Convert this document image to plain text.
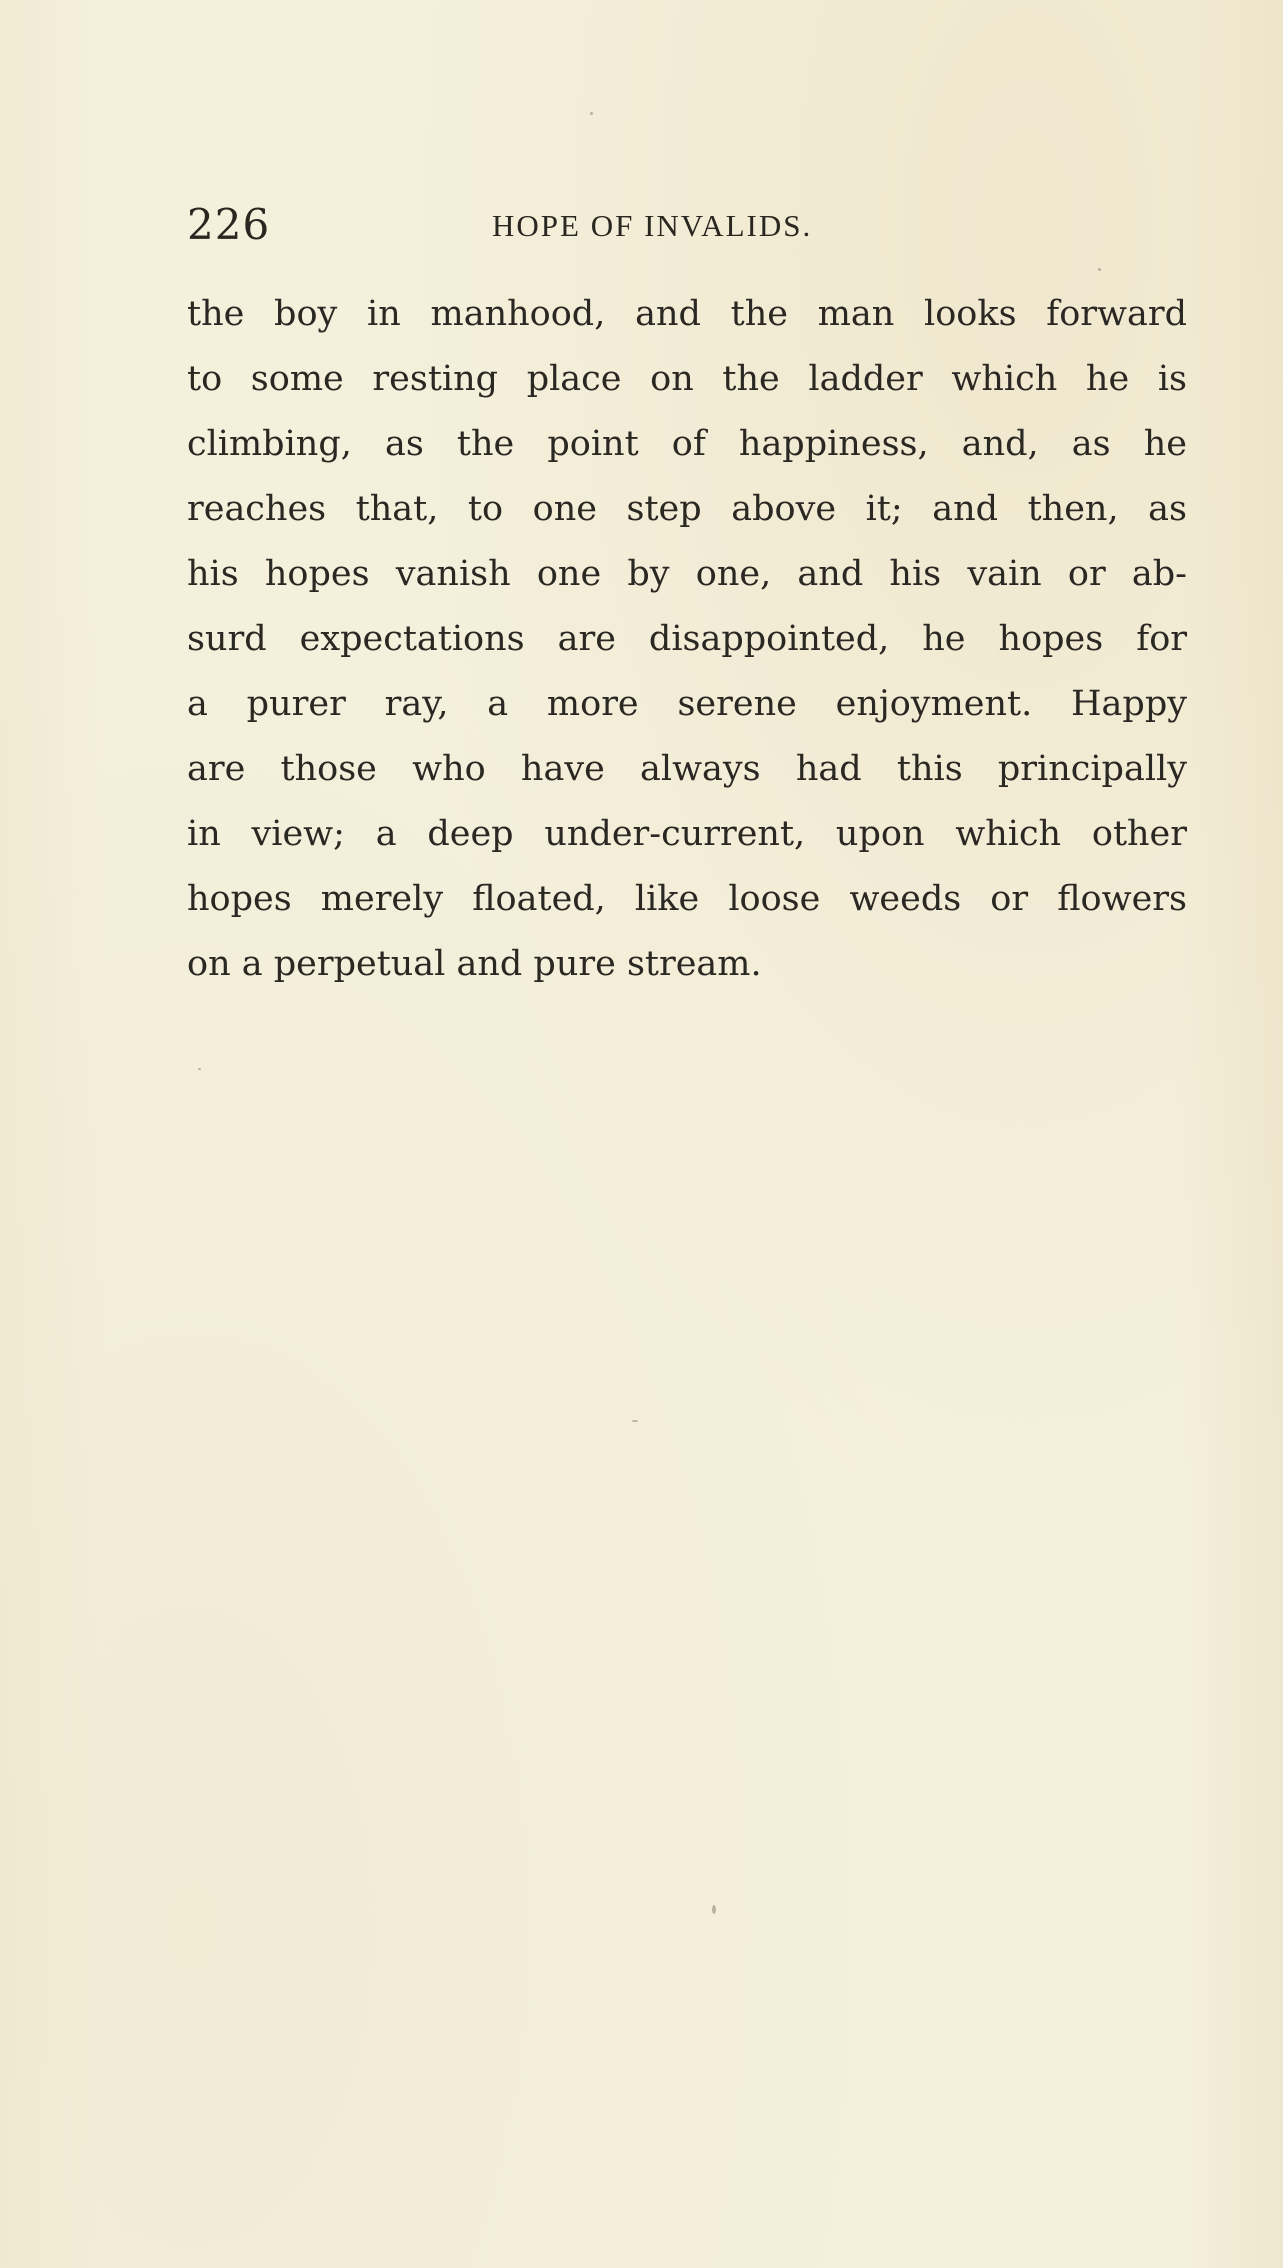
226	HOPE OF INVALIDS.
the boy in manhood, and the man looks forward
to some resting place on the ladder which he is
climbing, as the point of happiness, and, as he
reaches that, to one step above it; and then, as
his hopes vanish one by one, and his vain or ab-
surd expectations are disappointed, he hopes for
a purer ray, a more serene enjoyment. Happy
are those who have always had this principally
in view; a deep under-current, upon which other
hopes merely floated, like loose weeds or flowers
on a perpetual and pure stream.
